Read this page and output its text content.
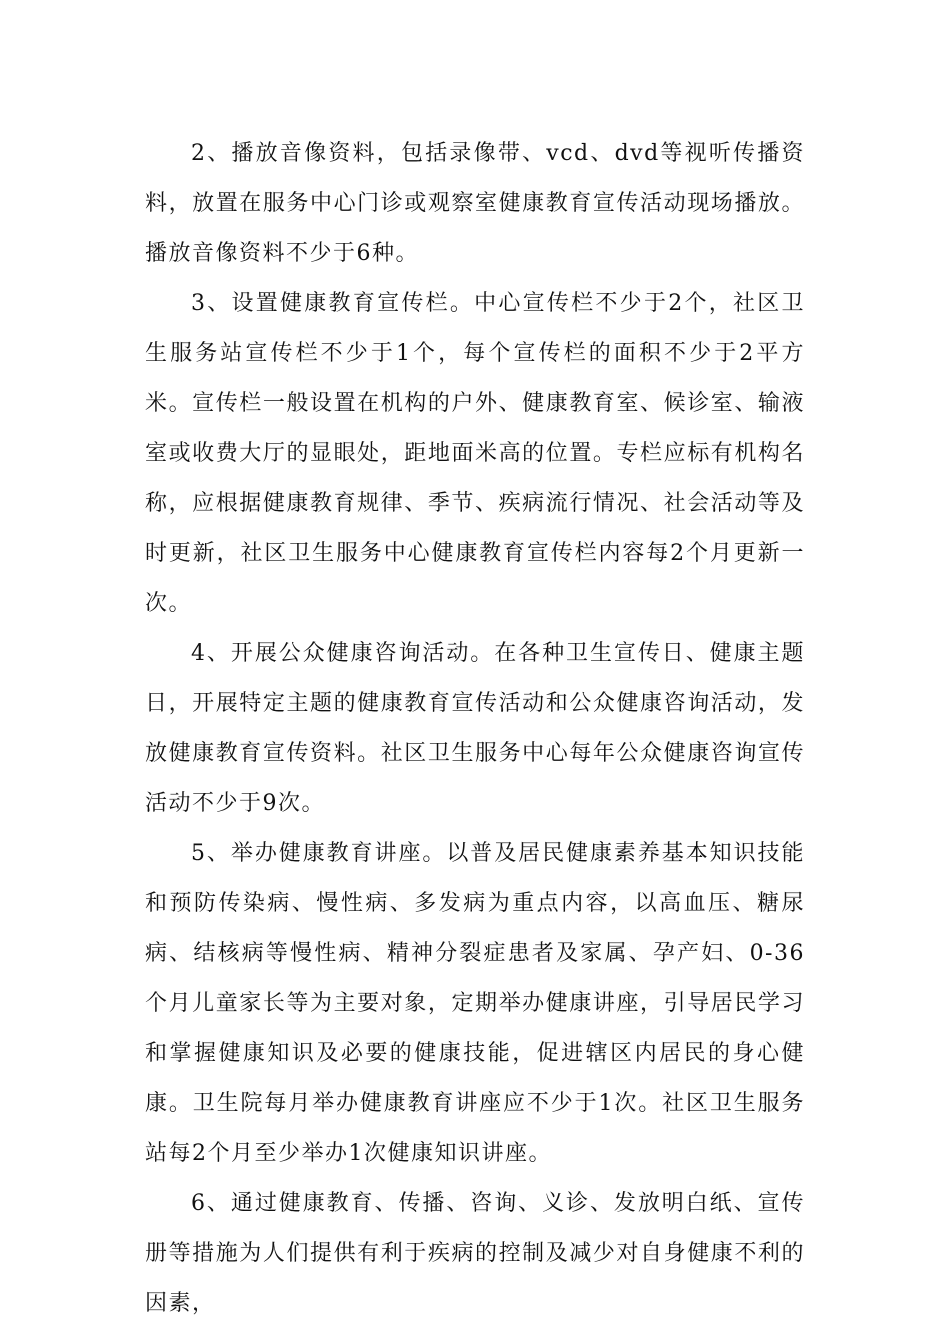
2、播放音像资料，包括录像带、vcd、dvd等视听传播资料，放置在服务中心门诊或观察室健康教育宣传活动现场播放。播放音像资料不少于6种。

3、设置健康教育宣传栏。中心宣传栏不少于2个，社区卫生服务站宣传栏不少于1个，每个宣传栏的面积不少于2平方米。宣传栏一般设置在机构的户外、健康教育室、候诊室、输液室或收费大厅的显眼处，距地面米高的位置。专栏应标有机构名称，应根据健康教育规律、季节、疾病流行情况、社会活动等及时更新，社区卫生服务中心健康教育宣传栏内容每2个月更新一次。

4、开展公众健康咨询活动。在各种卫生宣传日、健康主题日，开展特定主题的健康教育宣传活动和公众健康咨询活动，发放健康教育宣传资料。社区卫生服务中心每年公众健康咨询宣传活动不少于9次。

5、举办健康教育讲座。以普及居民健康素养基本知识技能和预防传染病、慢性病、多发病为重点内容，以高血压、糖尿病、结核病等慢性病、精神分裂症患者及家属、孕产妇、0-36个月儿童家长等为主要对象，定期举办健康讲座，引导居民学习和掌握健康知识及必要的健康技能，促进辖区内居民的身心健康。卫生院每月举办健康教育讲座应不少于1次。社区卫生服务站每2个月至少举办1次健康知识讲座。

6、通过健康教育、传播、咨询、义诊、发放明白纸、宣传册等措施为人们提供有利于疾病的控制及减少对自身健康不利的因素，
